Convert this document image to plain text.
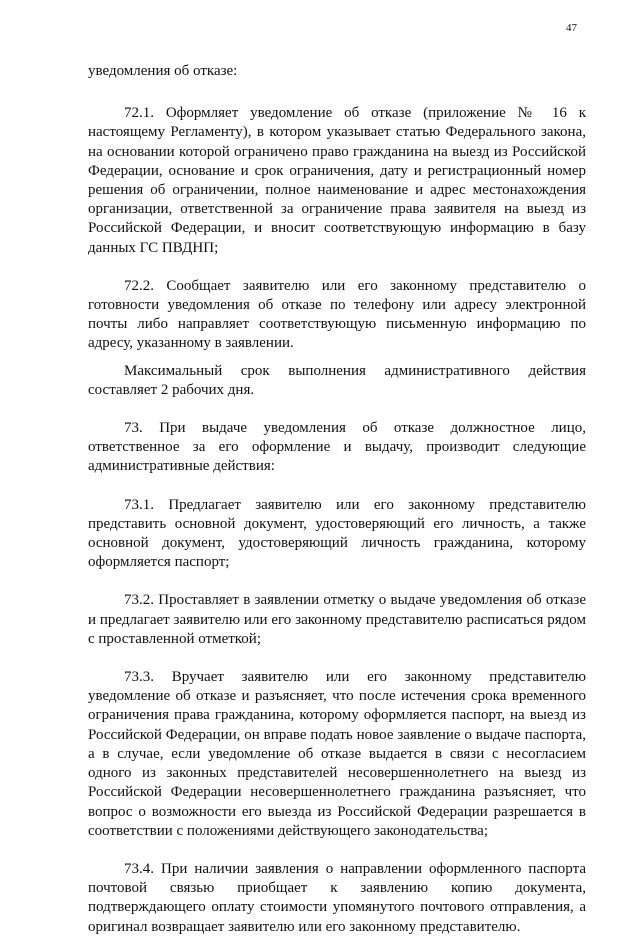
47

уведомления об отказе:

72.1. Оформляет уведомление об отказе (приложение № 16 к настоящему Регламенту), в котором указывает статью Федерального закона, на основании которой ограничено право гражданина на выезд из Российской Федерации, основание и срок ограничения, дату и регистрационный номер решения об ограничении, полное наименование и адрес местонахождения организации, ответственной за ограничение права заявителя на выезд из Российской Федерации, и вносит соответствующую информацию в базу данных ГС ПВДНП;

72.2. Сообщает заявителю или его законному представителю о готовности уведомления об отказе по телефону или адресу электронной почты либо направляет соответствующую письменную информацию по адресу, указанному в заявлении.

Максимальный срок выполнения административного действия составляет 2 рабочих дня.

73. При выдаче уведомления об отказе должностное лицо, ответственное за его оформление и выдачу, производит следующие административные действия:

73.1. Предлагает заявителю или его законному представителю представить основной документ, удостоверяющий его личность, а также основной документ, удостоверяющий личность гражданина, которому оформляется паспорт;

73.2. Проставляет в заявлении отметку о выдаче уведомления об отказе и предлагает заявителю или его законному представителю расписаться рядом с проставленной отметкой;

73.3. Вручает заявителю или его законному представителю уведомление об отказе и разъясняет, что после истечения срока временного ограничения права гражданина, которому оформляется паспорт, на выезд из Российской Федерации, он вправе подать новое заявление о выдаче паспорта, а в случае, если уведомление об отказе выдается в связи с несогласием одного из законных представителей несовершеннолетнего на выезд из Российской Федерации несовершеннолетнего гражданина разъясняет, что вопрос о возможности его выезда из Российской Федерации разрешается в соответствии с положениями действующего законодательства;

73.4. При наличии заявления о направлении оформленного паспорта почтовой связью приобщает к заявлению копию документа, подтверждающего оплату стоимости упомянутого почтового отправления, а оригинал возвращает заявителю или его законному представителю.
